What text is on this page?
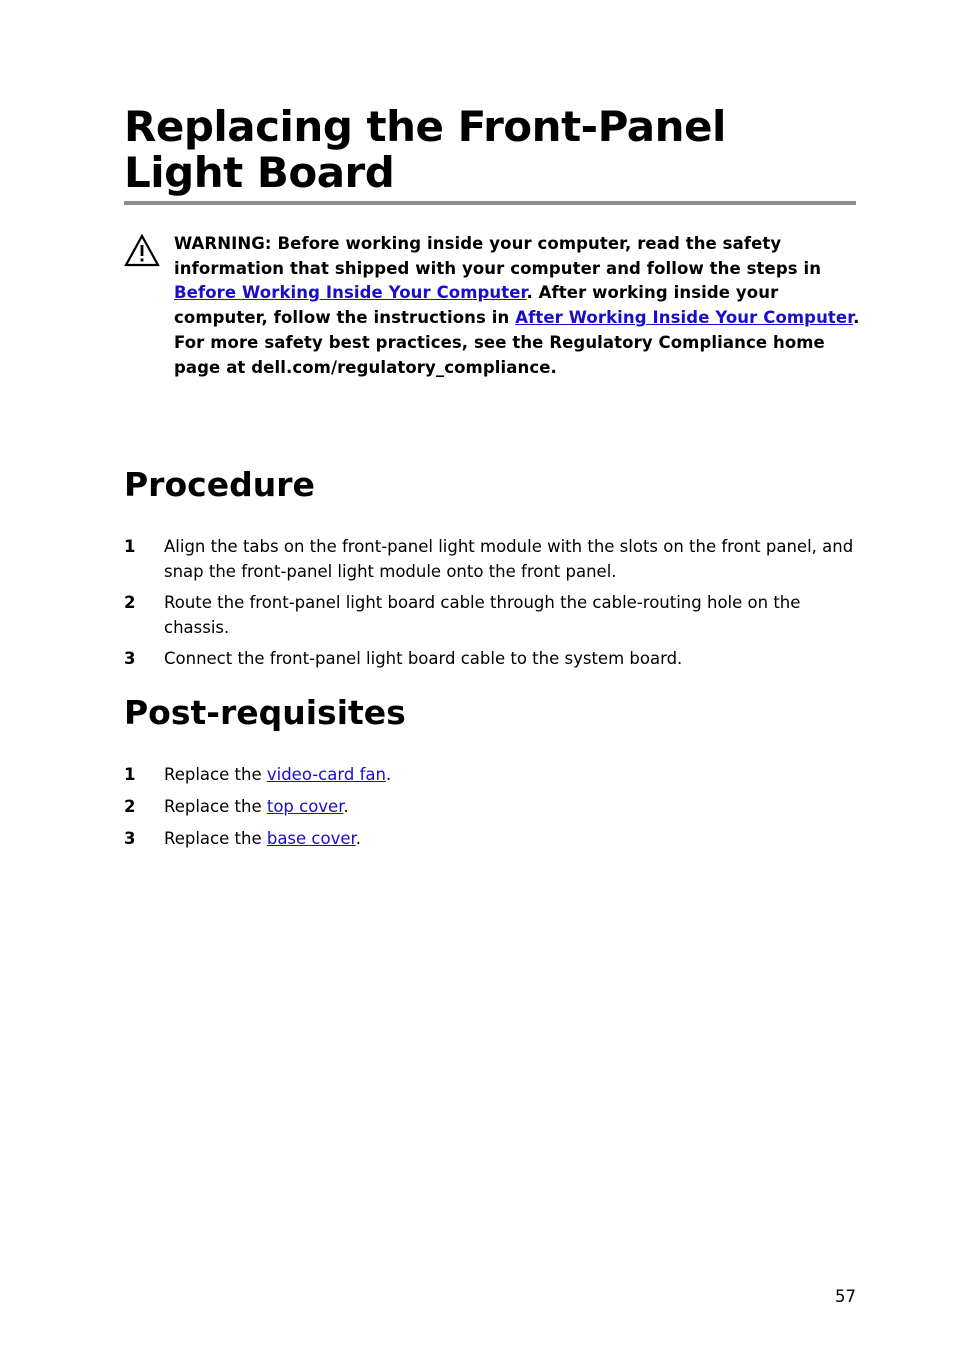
Replacing the Front-Panel
Light Board
WARNING: Before working inside your computer, read the safety information that shipped with your computer and follow the steps in Before Working Inside Your Computer. After working inside your computer, follow the instructions in After Working Inside Your Computer. For more safety best practices, see the Regulatory Compliance home page at dell.com/regulatory_compliance.
Procedure
1 Align the tabs on the front-panel light module with the slots on the front panel, and snap the front-panel light module onto the front panel.
2 Route the front-panel light board cable through the cable-routing hole on the chassis.
3 Connect the front-panel light board cable to the system board.
Post-requisites
1 Replace the video-card fan.
2 Replace the top cover.
3 Replace the base cover.
57
